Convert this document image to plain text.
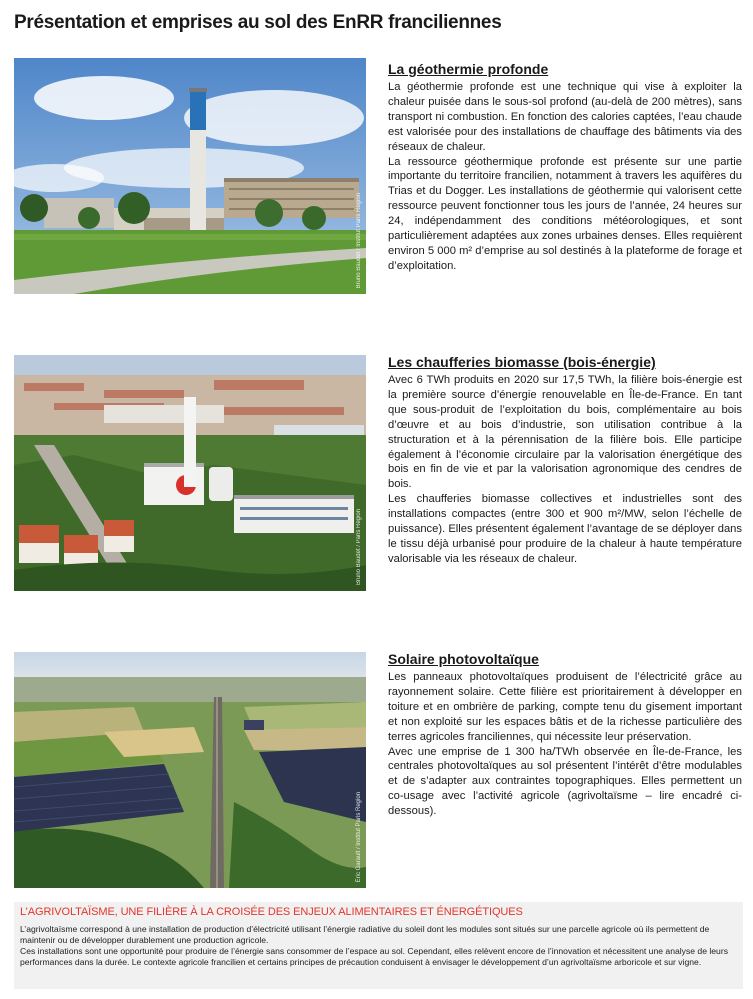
Présentation et emprises au sol des EnRR franciliennes
Bruno Baudet / Institut Paris Region
La géothermie profonde

La géothermie profonde est une technique qui vise à exploiter la chaleur puisée dans le sous-sol profond (au-delà de 200 mètres), sans transport ni combustion. En fonction des calories captées, l’eau chaude est valorisée pour des installations de chauffage des bâtiments via des réseaux de chaleur.

La ressource géothermique profonde est présente sur une partie importante du territoire francilien, notamment à travers les aquifères du Trias et du Dogger. Les installations de géothermie qui valorisent cette ressource peuvent fonctionner tous les jours de l’année, 24 heures sur 24, indépendamment des conditions météorologiques, et sont particulièrement adaptées aux zones urbaines denses. Elles requièrent environ 5 000 m² d’emprise au sol destinés à la plateforme de forage et d’exploitation.

Bruno Baudet / Paris Region
Les chaufferies biomasse (bois-énergie)

Avec 6 TWh produits en 2020 sur 17,5 TWh, la filière bois-énergie est la première source d’énergie renouvelable en Île-de-France. En tant que sous-produit de l’exploitation du bois, complémentaire au bois d’œuvre et au bois d’industrie, son utilisation contribue à la structuration et à la pérennisation de la filière bois. Elle participe également à l’économie circulaire par la valorisation énergétique des bois en fin de vie et par la valorisation agronomique des cendres de bois.

Les chaufferies biomasse collectives et industrielles sont des installations compactes (entre 300 et 900 m²/MW, selon l’échelle de puissance). Elles présentent également l’avantage de se déployer dans le tissu déjà urbanisé pour produire de la chaleur à haute température valorisable via les réseaux de chaleur.

Éric Garault / Institut Paris Region
Solaire photovoltaïque

Les panneaux photovoltaïques produisent de l’électricité grâce au rayonnement solaire. Cette filière est prioritairement à développer en toiture et en ombrière de parking, compte tenu du gisement important et non exploité sur les espaces bâtis et de la richesse particulière des terres agricoles franciliennes, qui nécessite leur préservation.

Avec une emprise de 1 300 ha/TWh observée en Île-de-France, les centrales photovoltaïques au sol présentent l’intérêt d’être modulables et de s’adapter aux contraintes topographiques. Elles permettent un co-usage avec l’activité agricole (agrivoltaïsme – lire encadré ci-dessous).

L’AGRIVOLTAÏSME, UNE FILIÈRE À LA CROISÉE DES ENJEUX ALIMENTAIRES ET ÉNERGÉTIQUES

L’agrivoltaïsme correspond à une installation de production d’électricité utilisant l’énergie radiative du soleil dont les modules sont situés sur une parcelle agricole où ils permettent de maintenir ou de développer durablement une production agricole.

Ces installations sont une opportunité pour produire de l’énergie sans consommer de l’espace au sol. Cependant, elles relèvent encore de l’innovation et nécessitent une analyse de leurs performances dans la durée. Le contexte agricole francilien et certains principes de précaution conduisent à envisager le développement d’un agrivoltaïsme arboricole et sur vigne.
